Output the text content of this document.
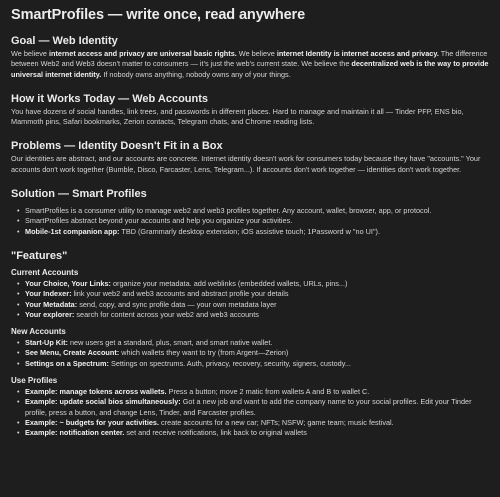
SmartProfiles — write once, read anywhere
Goal — Web Identity

We believe internet access and privacy are universal basic rights. We believe internet Identity is internet access and privacy. The difference between Web2 and Web3 doesn't matter to consumers — it's just the web's current state. We believe the decentralized web is the way to provide universal internet identity. If nobody owns anything, nobody owns any of your things.

How it Works Today — Web Accounts

You have dozens of social handles, link trees, and passwords in different places. Hard to manage and maintain it all — Tinder PFP, ENS bio, Mammoth pins, Safari bookmarks, Zerion contacts, Telegram chats, and Chrome reading lists.

Problems — Identity Doesn't Fit in a Box

Our identities are abstract, and our accounts are concrete. Internet identity doesn't work for consumers today because they have "accounts." Your accounts don't work together (Bumble, Disco, Farcaster, Lens, Telegram...). If accounts don't work together — identities don't work together.

Solution — Smart Profiles
• SmartProfiles is a consumer utility to manage web2 and web3 profiles together. Any account, wallet, browser, app, or protocol.
• SmartProfiles abstract beyond your accounts and help you organize your activities.
• Mobile-1st companion app: TBD (Grammarly desktop extension; iOS assistive touch; 1Password w "no UI").
"Features"
Current Accounts
• Your Choice, Your Links: organize your metadata. add weblinks (embedded wallets, URLs, pins...)
• Your Indexer: link your web2 and web3 accounts and abstract profile your details
• Your Metadata: send, copy, and sync profile data — your own metadata layer
• Your explorer: search for content across your web2 and web3 accounts
New Accounts
• Start-Up Kit: new users get a standard, plus, smart, and smart native wallet.
• See Menu, Create Account: which wallets they want to try (from Argent—Zerion)
• Settings on a Spectrum: Settings on spectrums. Auth, privacy, recovery, security, signers, custody...
Use Profiles
• Example: manage tokens across wallets. Press a button; move 2 matic from wallets A and B to wallet C.
• Example: update social bios simultaneously: Got a new job and want to add the company name to your social profiles. Edit your Tinder profile, press a button, and change Lens, Tinder, and Farcaster profiles.
• Example: ~ budgets for your activities. create accounts for a new car; NFTs; NSFW; game team; music festival.
• Example: notification center. set and receive notifications, link back to original wallets
